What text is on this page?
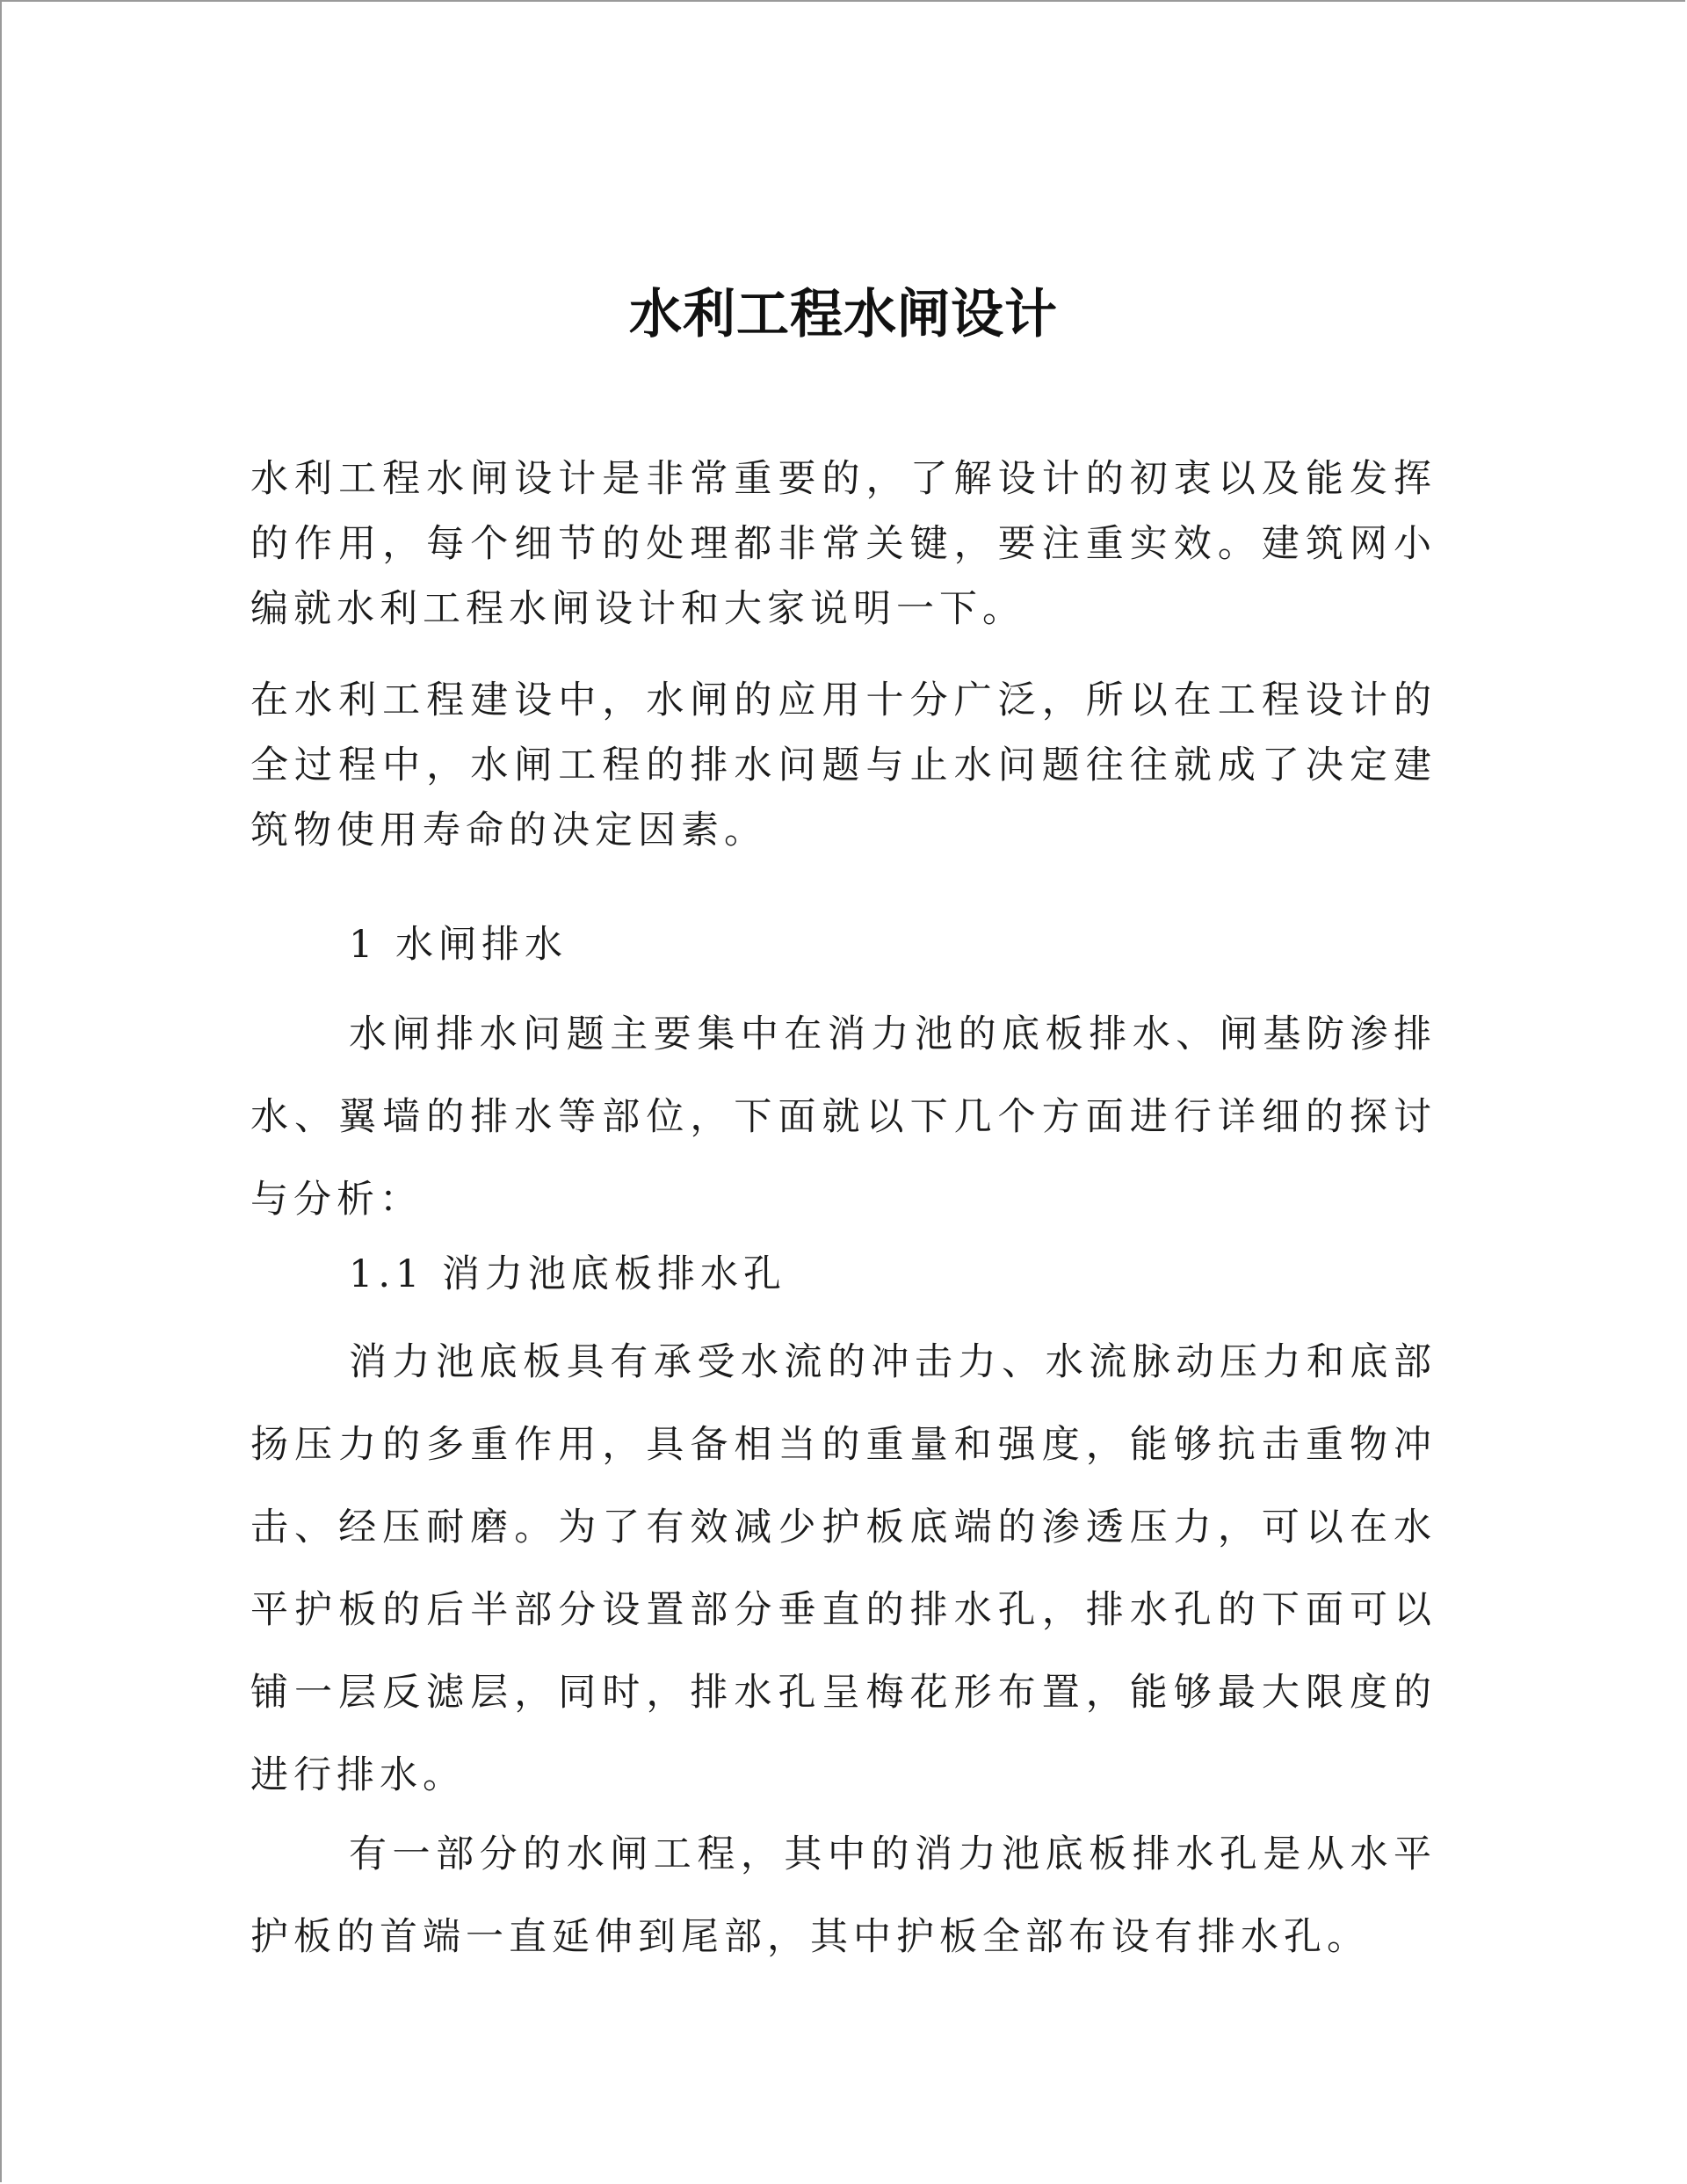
水利工程水闸设计

水利工程水闸设计是非常重要的，了解设计的初衷以及能发挥的作用，每个细节的处理都非常关键，要注重实效。建筑网小编就水利工程水闸设计和大家说明一下。

在水利工程建设中，水闸的应用十分广泛，所以在工程设计的全过程中，水闸工程的排水问题与止水问题往往就成了决定建筑物使用寿命的决定因素。

1 水闸排水

水闸排水问题主要集中在消力池的底板排水、闸基防渗排水、翼墙的排水等部位，下面就以下几个方面进行详细的探讨与分析：

1.1 消力池底板排水孔

消力池底板具有承受水流的冲击力、水流脉动压力和底部扬压力的多重作用，具备相当的重量和强度，能够抗击重物冲击、经压耐磨。为了有效减少护板底端的渗透压力，可以在水平护板的后半部分设置部分垂直的排水孔，排水孔的下面可以铺一层反滤层，同时，排水孔呈梅花形布置，能够最大限度的进行排水。

有一部分的水闸工程，其中的消力池底板排水孔是从水平护板的首端一直延伸到尾部，其中护板全部布设有排水孔。
